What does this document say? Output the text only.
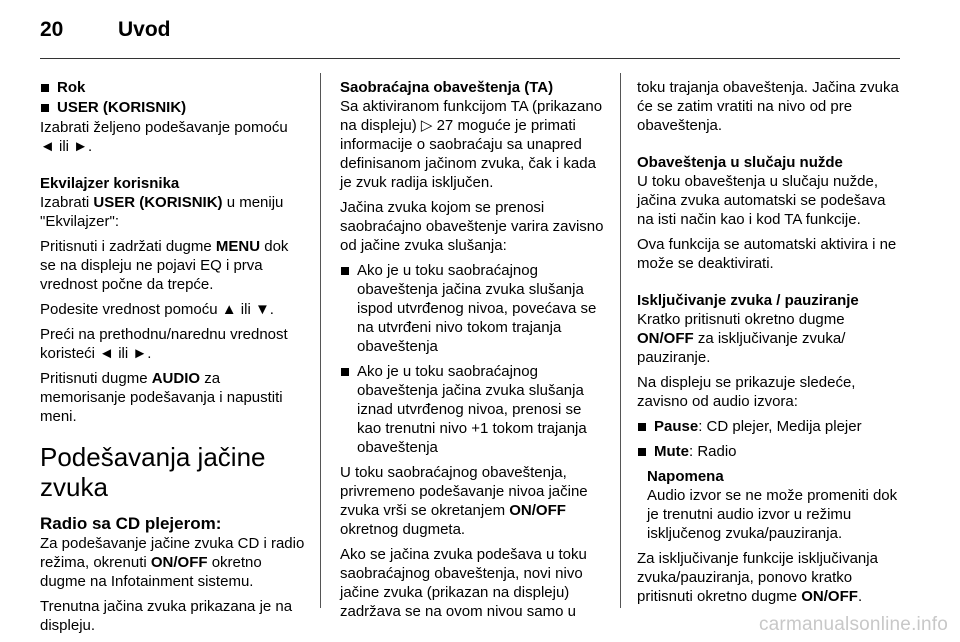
20	Uvod
Rok
USER (KORISNIK)

Izabrati željeno podešavanje pomoću
◄ ili ►.

Ekvilajzer korisnika

Izabrati USER (KORISNIK) u meniju "Ekvilajzer":

Pritisnuti i zadržati dugme MENU dok se na displeju ne pojavi EQ i prva vrednost počne da trepće.

Podesite vrednost pomoću ▲ ili ▼.

Preći na prethodnu/narednu vrednost koristeći ◄ ili ►.

Pritisnuti dugme AUDIO za memorisanje podešavanja i napustiti meni.

Podešavanja jačine zvuka
Radio sa CD plejerom:

Za podešavanje jačine zvuka CD i radio režima, okrenuti ON/OFF okretno dugme na Infotainment sistemu.

Trenutna jačina zvuka prikazana je na displeju.

Saobraćajna obaveštenja (TA)

Sa aktiviranom funkcijom TA (prikazano na displeju) ▷ 27 moguće je primati informacije o saobraćaju sa unapred definisanom jačinom zvuka, čak i kada je zvuk radija isključen.

Jačina zvuka kojom se prenosi saobraćajno obaveštenje varira zavisno od jačine zvuka slušanja:

Ako je u toku saobraćajnog obaveštenja jačina zvuka slušanja ispod utvrđenog nivoa, povećava se na utvrđeni nivo tokom trajanja obaveštenja
Ako je u toku saobraćajnog obaveštenja jačina zvuka slušanja iznad utvrđenog nivoa, prenosi se kao trenutni nivo +1 tokom trajanja obaveštenja

U toku saobraćajnog obaveštenja, privremeno podešavanje nivoa jačine zvuka vrši se okretanjem ON/OFF okretnog dugmeta.

Ako se jačina zvuka podešava u toku saobraćajnog obaveštenja, novi nivo jačine zvuka (prikazan na displeju) zadržava se na ovom nivou samo u

toku trajanja obaveštenja. Jačina zvuka će se zatim vratiti na nivo od pre obaveštenja.

Obaveštenja u slučaju nužde

U toku obaveštenja u slučaju nužde, jačina zvuka automatski se podešava na isti način kao i kod TA funkcije.

Ova funkcija se automatski aktivira i ne može se deaktivirati.

Isključivanje zvuka / pauziranje

Kratko pritisnuti okretno dugme ON/OFF za isključivanje zvuka/ pauziranje.

Na displeju se prikazuje sledeće, zavisno od audio izvora:

Pause: CD plejer, Medija plejer
Mute: Radio
Napomena
Audio izvor se ne može promeniti dok je trenutni audio izvor u režimu isključenog zvuka/pauziranja.

Za isključivanje funkcije isključivanja zvuka/pauziranja, ponovo kratko pritisnuti okretno dugme ON/OFF.

carmanualsonline.info
